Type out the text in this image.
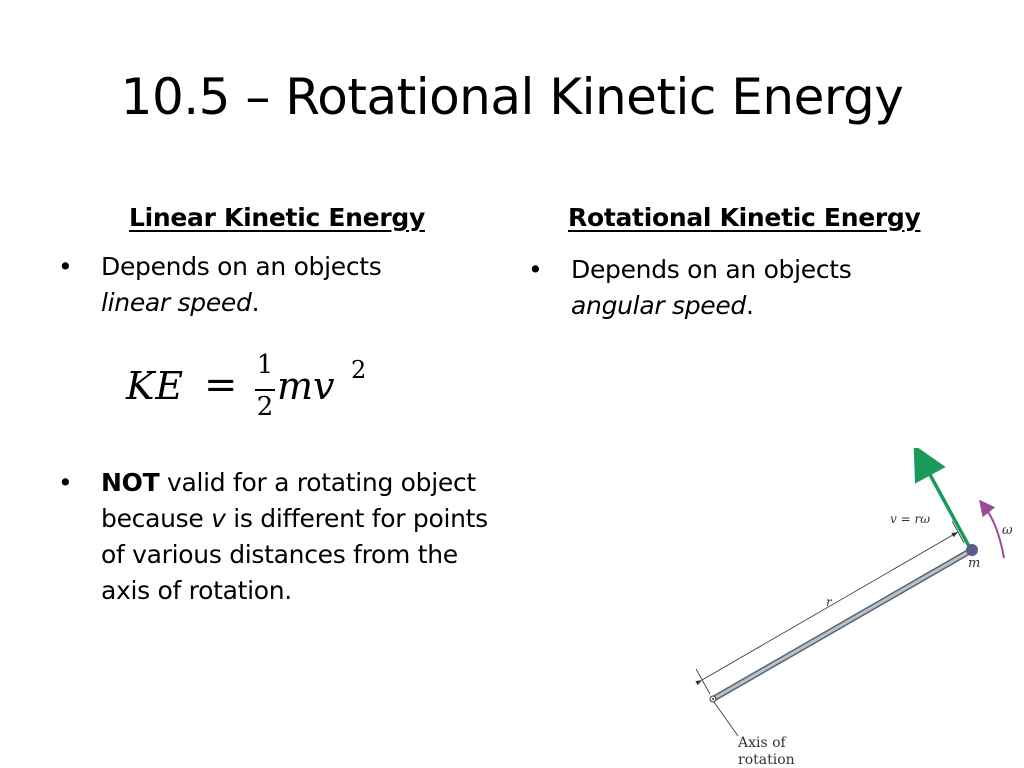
10.5 – Rotational Kinetic Energy
Linear Kinetic Energy	Rotational Kinetic Energy
• Depends on an objects
linear speed.
KE = 1
2 mv 2
• NOT valid for a rotating object because v is different for points of various distances from the axis of rotation.
• Depends on an objects
angular speed.
v = rω
ω
m
r
Axis of
rotation
